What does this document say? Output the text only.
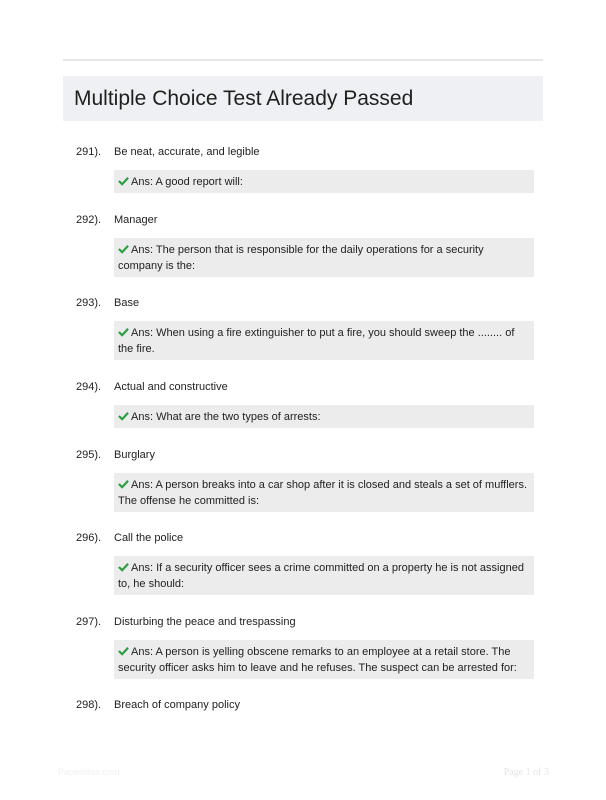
Multiple Choice Test Already Passed
291). Be neat, accurate, and legible
Ans: A good report will:
292). Manager
Ans: The person that is responsible for the daily operations for a security company is the:
293). Base
Ans: When using a fire extinguisher to put a fire, you should sweep the ........ of the fire.
294). Actual and constructive
Ans: What are the two types of arrests:
295). Burglary
Ans: A person breaks into a car shop after it is closed and steals a set of mufflers. The offense he committed is:
296). Call the police
Ans: If a security officer sees a crime committed on a property he is not assigned to, he should:
297). Disturbing the peace and trespassing
Ans: A person is yelling obscene remarks to an employee at a retail store. The security officer asks him to leave and he refuses. The suspect can be arrested for:
298). Breach of company policy
Paperbliss.com	Page 1 of 3
